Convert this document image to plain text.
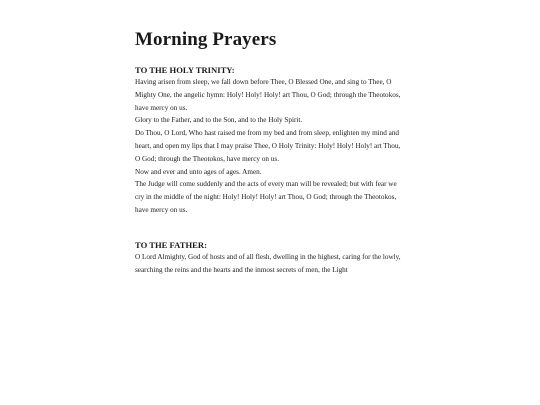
Morning Prayers
TO THE HOLY TRINITY:

Having arisen from sleep, we fall down before Thee, O Blessed One, and sing to Thee, O Mighty One, the angelic hymn: Holy! Holy! Holy! art Thou, O God; through the Theotokos, have mercy on us.

Glory to the Father, and to the Son, and to the Holy Spirit.

Do Thou, O Lord, Who hast raised me from my bed and from sleep, enlighten my mind and heart, and open my lips that I may praise Thee, O Holy Trinity: Holy! Holy! Holy! art Thou, O God; through the Theotokos, have mercy on us.

Now and ever and unto ages of ages. Amen.

The Judge will come suddenly and the acts of every man will be revealed; but with fear we cry in the middle of the night: Holy! Holy! Holy! art Thou, O God; through the Theotokos, have mercy on us.

TO THE FATHER:

O Lord Almighty, God of hosts and of all flesh, dwelling in the highest, caring for the lowly, searching the reins and the hearts and the inmost secrets of men, the Light
